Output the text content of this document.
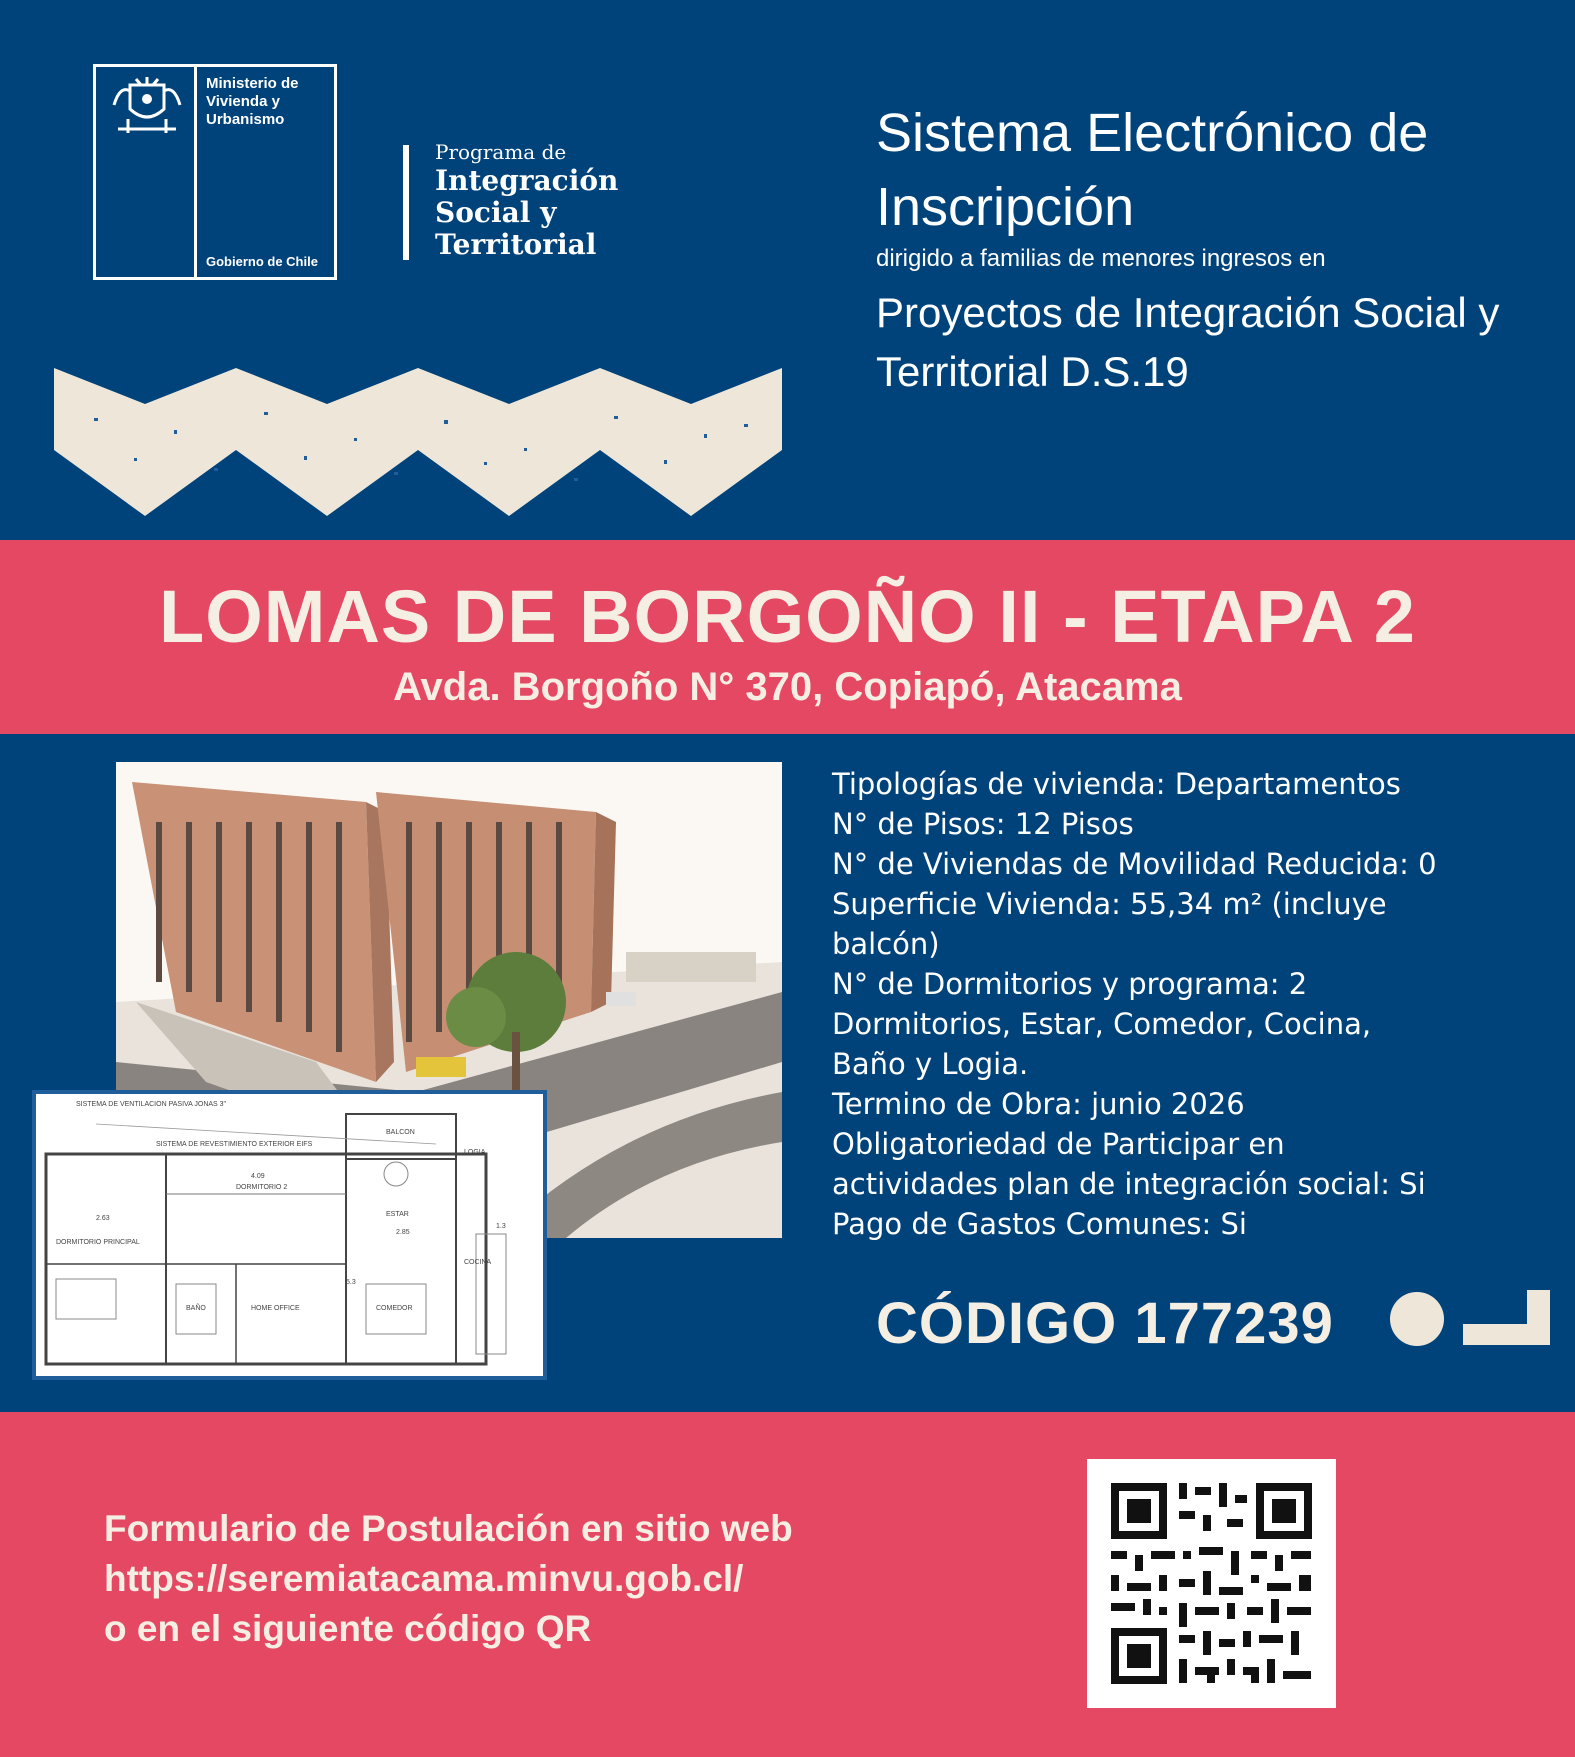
Ministerio de Vivienda y Urbanismo
Gobierno de Chile
Programa de
Integración Social y Territorial
Sistema Electrónico de Inscripción
dirigido a familias de menores ingresos en
Proyectos de Integración Social y Territorial D.S.19
LOMAS DE BORGOÑO II - ETAPA 2
Avda. Borgoño N° 370, Copiapó, Atacama
SISTEMA DE VENTILACION PASIVA JONAS 3"
SISTEMA DE REVESTIMIENTO EXTERIOR EIFS
BALCON
LOGIA
DORMITORIO 2
ESTAR
DORMITORIO PRINCIPAL
COCINA
BAÑO	HOME OFFICE	COMEDOR
4.09
2.85
2.63
5.3
1.3
Tipologías de vivienda: Departamentos
N° de Pisos: 12 Pisos
N° de Viviendas de Movilidad Reducida: 0
Superficie Vivienda: 55,34 m² (incluye
balcón)
N° de Dormitorios y programa: 2
Dormitorios, Estar, Comedor, Cocina,
Baño y Logia.
Termino de Obra: junio 2026
Obligatoriedad de Participar en
actividades plan de integración social: Si
Pago de Gastos Comunes: Si
CÓDIGO 177239
Formulario de Postulación en sitio web
https://seremiatacama.minvu.gob.cl/
o en el siguiente código QR
